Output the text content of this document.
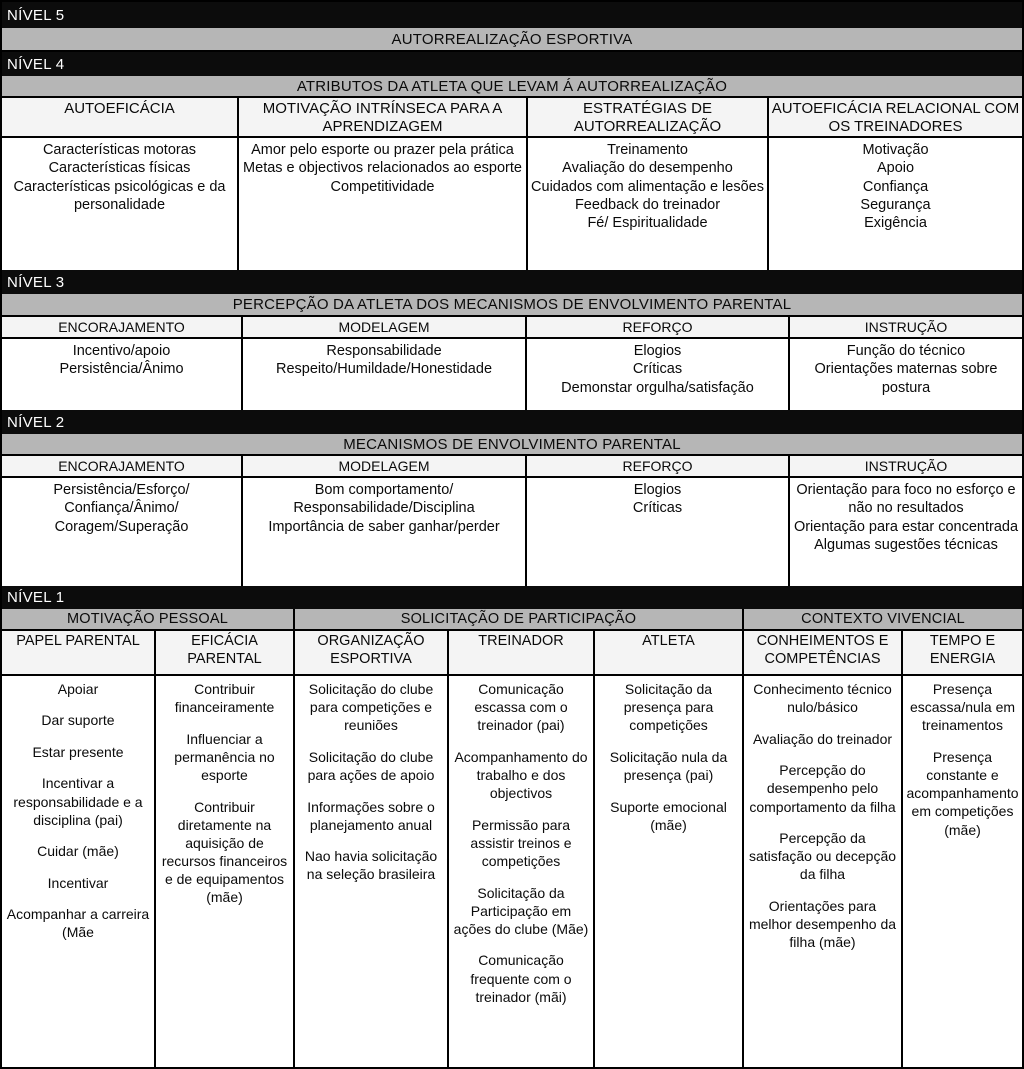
NÍVEL 5
AUTORREALIZAÇÃO ESPORTIVA
NÍVEL 4
ATRIBUTOS DA ATLETA QUE LEVAM Á AUTORREALIZAÇÃO
AUTOEFICÁCIA
Características motoras
Características físicas
Características psicológicas e da personalidade
MOTIVAÇÃO INTRÍNSECA PARA A APRENDIZAGEM
Amor pelo esporte ou prazer pela prática
Metas e objectivos relacionados ao esporte
Competitividade
ESTRATÉGIAS DE AUTORREALIZAÇÃO
Treinamento
Avaliação do desempenho
Cuidados com alimentação e lesões
Feedback do treinador
Fé/ Espiritualidade
AUTOEFICÁCIA RELACIONAL COM OS TREINADORES
Motivação
Apoio
Confiança
Segurança
Exigência
NÍVEL 3
PERCEPÇÃO DA ATLETA DOS MECANISMOS DE ENVOLVIMENTO PARENTAL
ENCORAJAMENTO
Incentivo/apoio
Persistência/Ânimo
MODELAGEM
Responsabilidade
Respeito/Humildade/Honestidade
REFORÇO
Elogios
Críticas
Demonstar orgulha/satisfação
INSTRUÇÃO
Função do técnico
Orientações maternas sobre postura
NÍVEL 2
MECANISMOS DE ENVOLVIMENTO PARENTAL
ENCORAJAMENTO
Persistência/Esforço/
Confiança/Ânimo/
Coragem/Superação
MODELAGEM
Bom comportamento/
Responsabilidade/Disciplina
Importância de saber ganhar/perder
REFORÇO
Elogios
Críticas
INSTRUÇÃO
Orientação para foco no esforço e não no resultados
Orientação para estar concentrada
Algumas sugestões técnicas
NÍVEL 1
MOTIVAÇÃO PESSOAL	SOLICITAÇÃO DE PARTICIPAÇÃO	CONTEXTO VIVENCIAL
PAPEL PARENTAL
Apoiar
Dar suporte
Estar presente
Incentivar a responsabilidade e a disciplina (pai)
Cuidar (mãe)
Incentivar
Acompanhar a carreira (Mãe
EFICÁCIA PARENTAL
Contribuir financeiramente
Influenciar a permanência no esporte
Contribuir diretamente na aquisição de recursos financeiros e de equipamentos (mãe)
ORGANIZAÇÃO ESPORTIVA
Solicitação do clube para competições e reuniões
Solicitação do clube para ações de apoio
Informações sobre o planejamento anual
Nao havia solicitação na seleção brasileira
TREINADOR
Comunicação escassa com o treinador (pai)
Acompanhamento do trabalho e dos objectivos
Permissão para assistir treinos e competições
Solicitação da Participação em ações do clube (Mãe)
Comunicação frequente com o treinador (mãi)
ATLETA
Solicitação da presença para competições
Solicitação nula da presença (pai)
Suporte emocional (mãe)
CONHEIMENTOS E COMPETÊNCIAS
Conhecimento técnico nulo/básico
Avaliação do treinador
Percepção do desempenho pelo comportamento da filha
Percepção da satisfação ou decepção da filha
Orientações para melhor desempenho da filha (mãe)
TEMPO E ENERGIA
Presença escassa/nula em treinamentos
Presença constante e acompanhamento em competições (mãe)
